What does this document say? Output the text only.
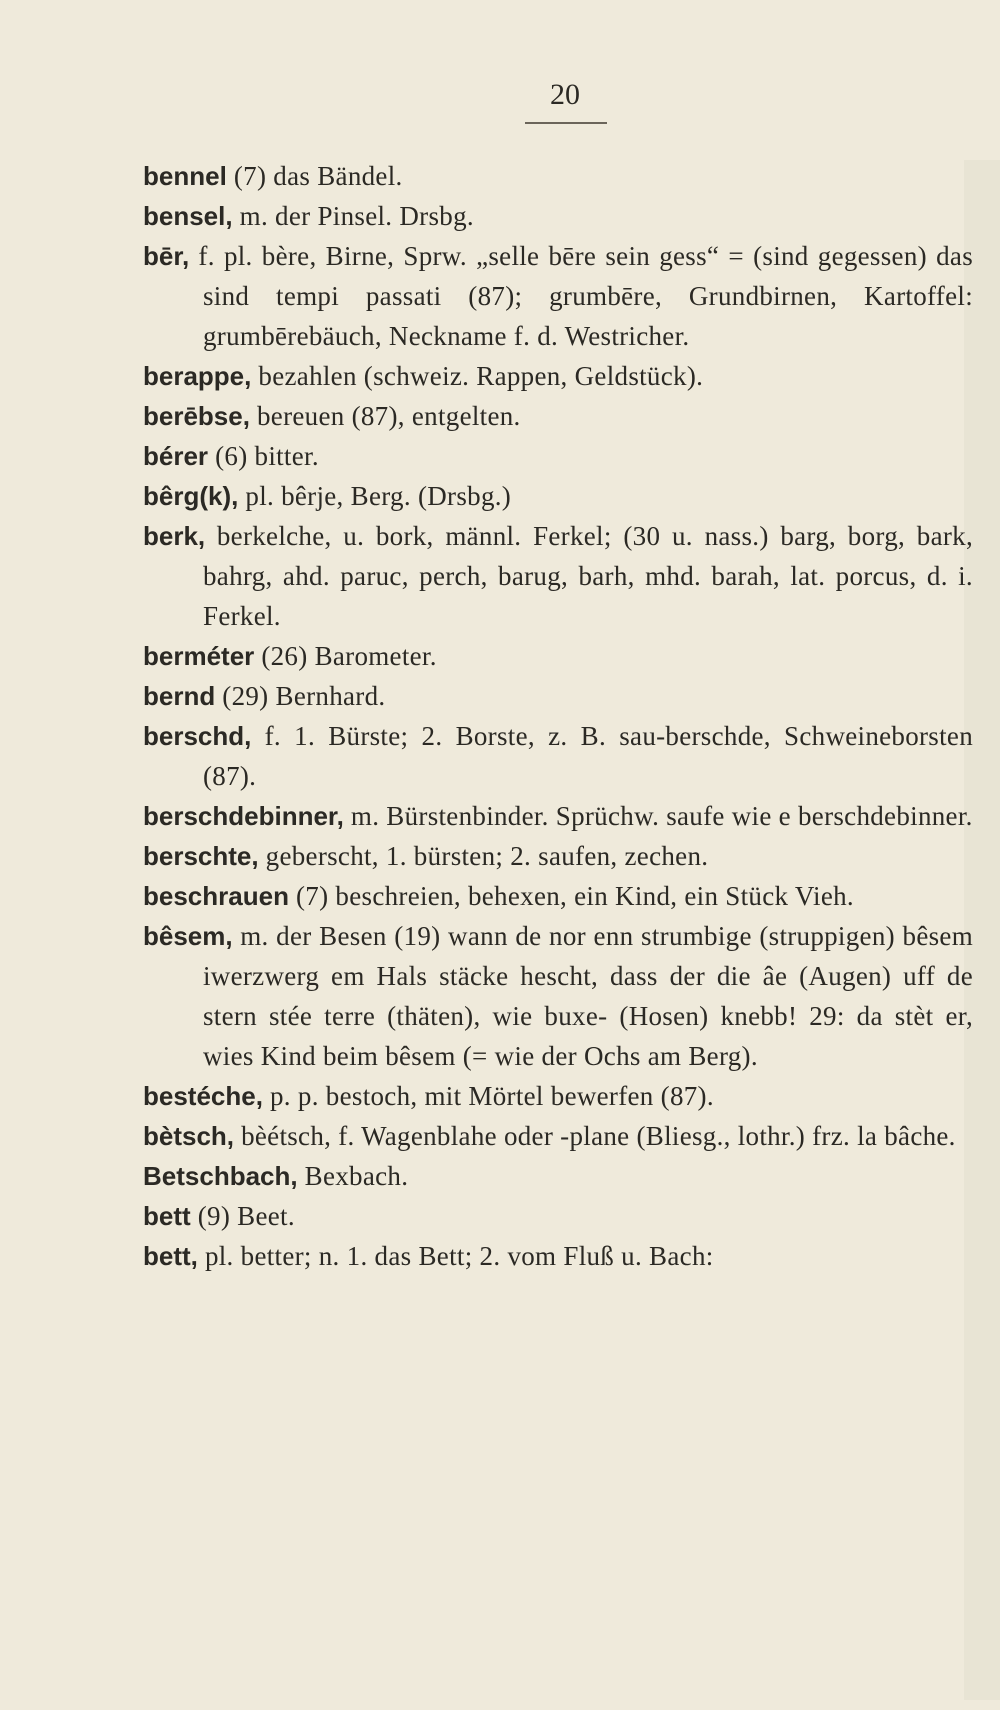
20
bennel (7) das Bändel.
bensel, m. der Pinsel. Drsbg.
bēr, f. pl. bère, Birne, Sprw. „selle bēre sein gess“ = (sind gegessen) das sind tempi passati (87); grumbēre, Grundbirnen, Kartoffel: grumbērebäuch, Neckname f. d. Westricher.
berappe, bezahlen (schweiz. Rappen, Geldstück).
berēbse, bereuen (87), entgelten.
bérer (6) bitter.
bêrg(k), pl. bêrje, Berg. (Drsbg.)
berk, berkelche, u. bork, männl. Ferkel; (30 u. nass.) barg, borg, bark, bahrg, ahd. paruc, perch, barug, barh, mhd. barah, lat. porcus, d. i. Ferkel.
berméter (26) Barometer.
bernd (29) Bernhard.
berschd, f. 1. Bürste; 2. Borste, z. B. sau-berschde, Schweineborsten (87).
berschdebinner, m. Bürstenbinder. Sprüchw. saufe wie e berschdebinner.
berschte, geberscht, 1. bürsten; 2. saufen, zechen.
beschrauen (7) beschreien, behexen, ein Kind, ein Stück Vieh.
bêsem, m. der Besen (19) wann de nor enn strumbige (struppigen) bêsem iwerzwerg em Hals stäcke hescht, dass der die âe (Augen) uff de stern stée terre (thäten), wie buxe- (Hosen) knebb! 29: da stèt er, wies Kind beim bêsem (= wie der Ochs am Berg).
bestéche, p. p. bestoch, mit Mörtel bewerfen (87).
bètsch, bèétsch, f. Wagenblahe oder -plane (Bliesg., lothr.) frz. la bâche.
Betschbach, Bexbach.
bett (9) Beet.
bett, pl. better; n. 1. das Bett; 2. vom Fluß u. Bach:
